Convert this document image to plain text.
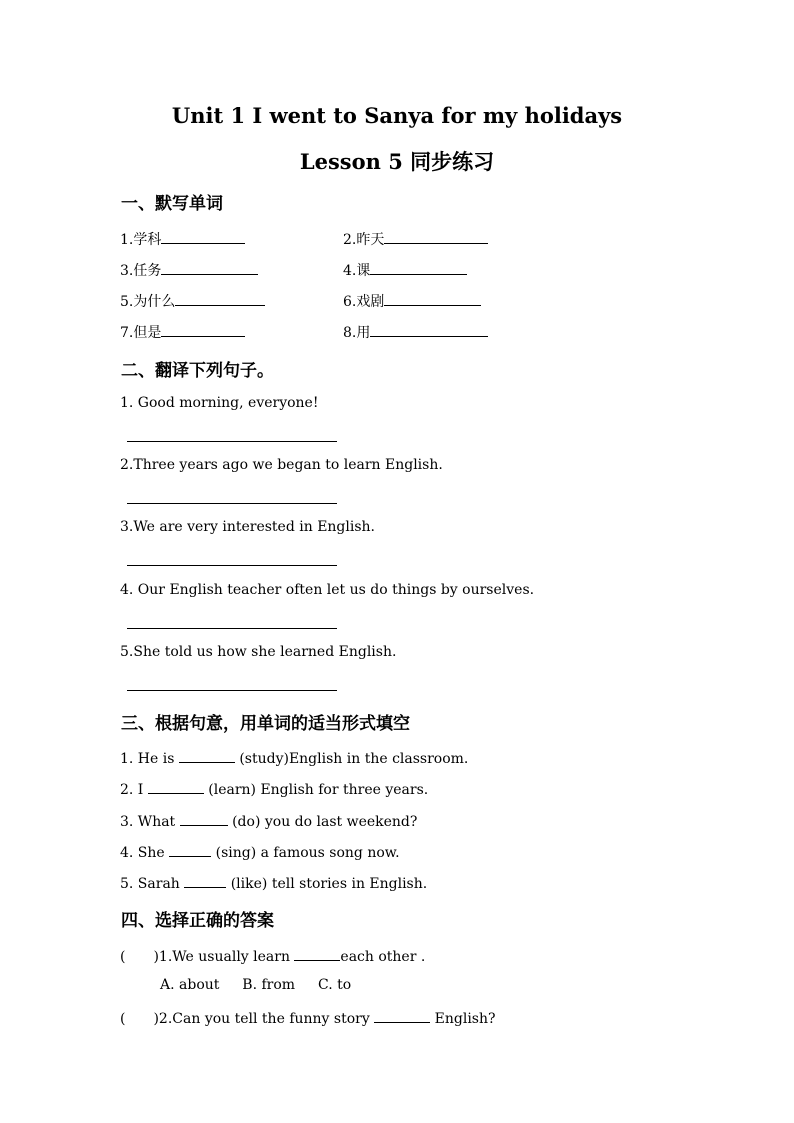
Unit 1 I went to Sanya for my holidays
Lesson 5 同步练习
一、默写单词
1.学科	2.昨天
3.任务	4.课
5.为什么	6.戏剧
7.但是	8.用
二、翻译下列句子。
1. Good morning, everyone!
2.Three years ago we began to learn English.
3.We are very interested in English.
4. Our English teacher often let us do things by ourselves.
5.She told us how she learned English.
三、根据句意，用单词的适当形式填空
1. He is	(study)English in the classroom.
2. I	(learn) English for three years.
3. What	(do) you do last weekend?
4. She	(sing) a famous song now.
5. Sarah	(like) tell stories in English.
四、选择正确的答案
( )1.We usually learn	each other .
A. about B. from C. to
( )2.Can you tell the funny story	English?
